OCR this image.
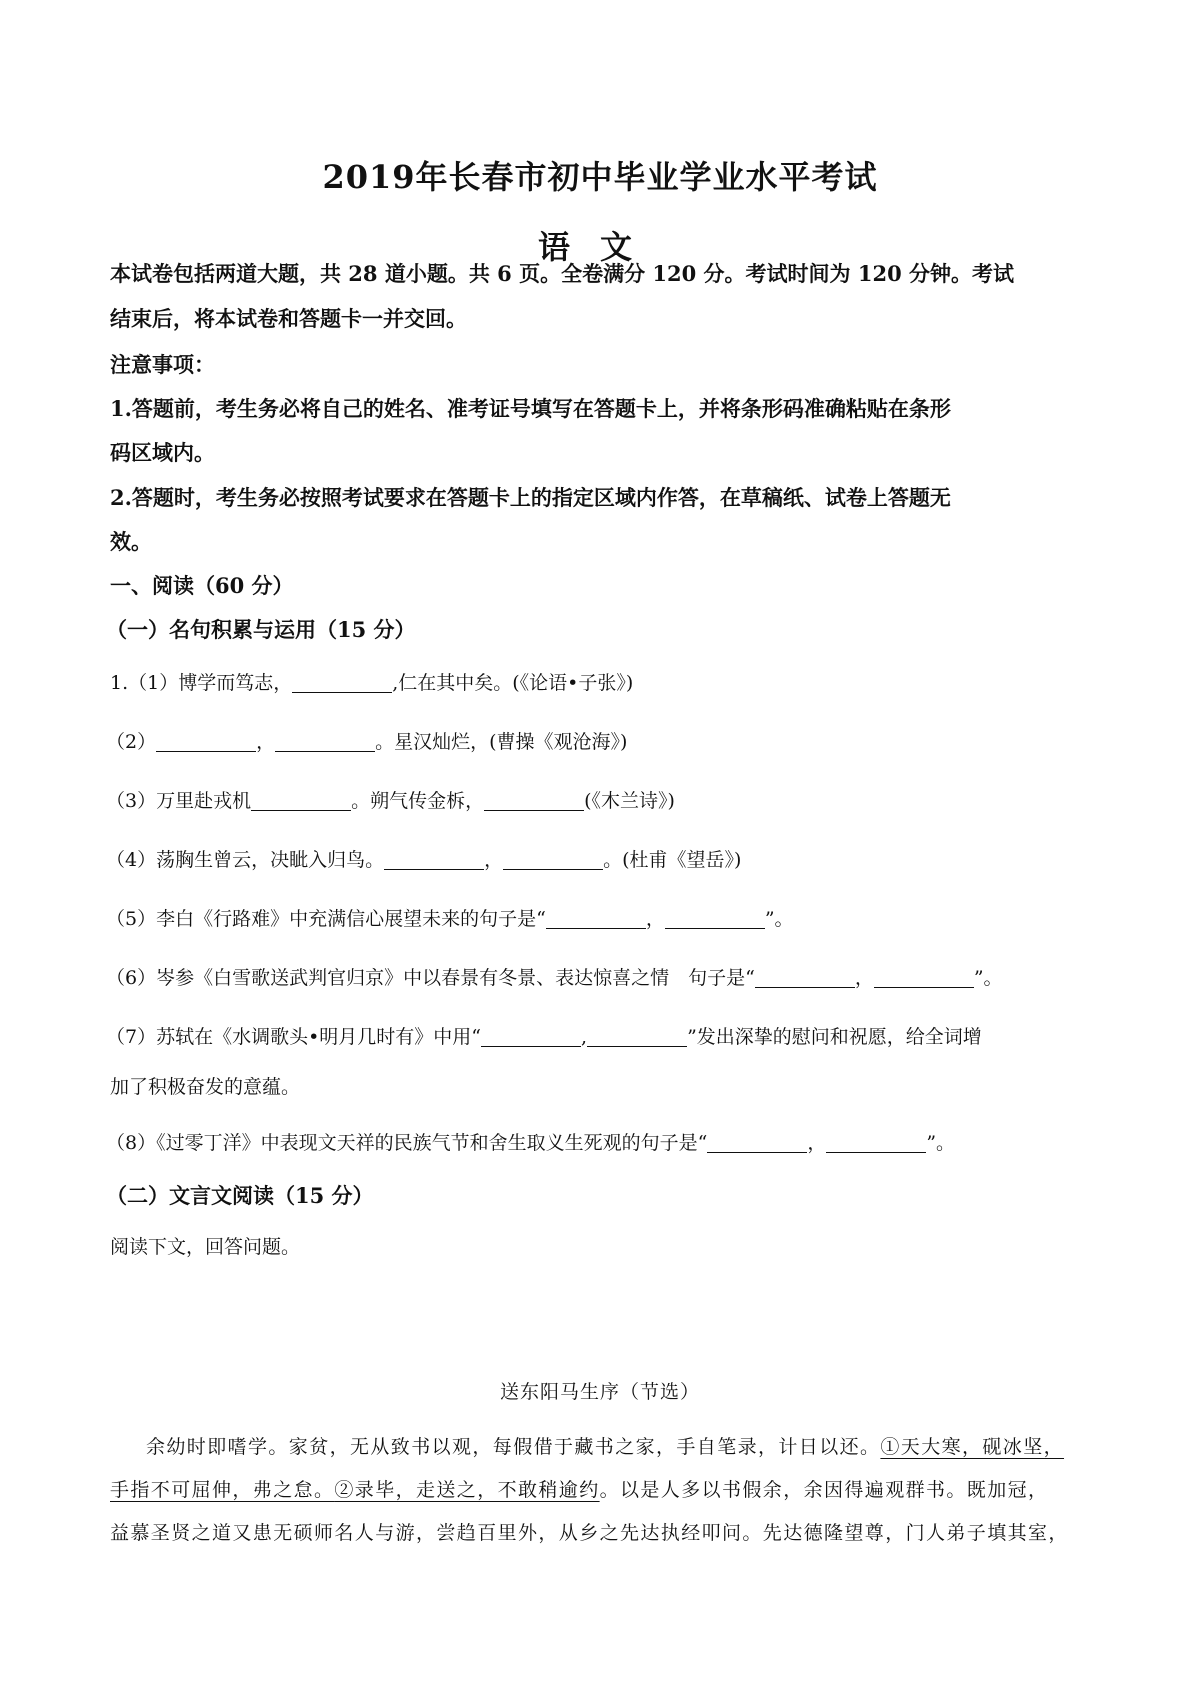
2019年长春市初中毕业学业水平考试
语文
本试卷包括两道大题，共 28 道小题。共 6 页。全卷满分 120 分。考试时间为 120 分钟。考试
结束后，将本试卷和答题卡一并交回。
注意事项：
1.答题前，考生务必将自己的姓名、准考证号填写在答题卡上，并将条形码准确粘贴在条形
码区域内。
2.答题时，考生务必按照考试要求在答题卡上的指定区域内作答，在草稿纸、试卷上答题无
效。
一、阅读（60 分）
（一）名句积累与运用（15 分）
1.（1）博学而笃志，	,仁在其中矣。(《论语•子张》)
（2）	，	。星汉灿烂，(曹操《观沧海》)
（3）万里赴戎机	。朔气传金柝，	(《木兰诗》)
（4）荡胸生曾云，决眦入归鸟。	，	。(杜甫《望岳》)
（5）李白《行路难》中充满信心展望未来的句子是“	，	”。
（6）岑参《白雪歌送武判官归京》中以春景有冬景、表达惊喜之情　句子是“	，	”。
（7）苏轼在《水调歌头•明月几时有》中用“	,	”发出深挚的慰问和祝愿，给全词增
加了积极奋发的意蕴。
（8）《过零丁洋》中表现文天祥的民族气节和舍生取义生死观的句子是“	，	”。
（二）文言文阅读（15 分）
阅读下文，回答问题。
送东阳马生序（节选）
余幼时即嗜学。家贫，无从致书以观，每假借于藏书之家，手自笔录，计日以还。①天大寒，砚冰坚，
手指不可屈伸，弗之怠。②录毕，走送之，不敢稍逾约。以是人多以书假余，余因得遍观群书。既加冠，
益慕圣贤之道又患无硕师名人与游，尝趋百里外，从乡之先达执经叩问。先达德隆望尊，门人弟子填其室，
